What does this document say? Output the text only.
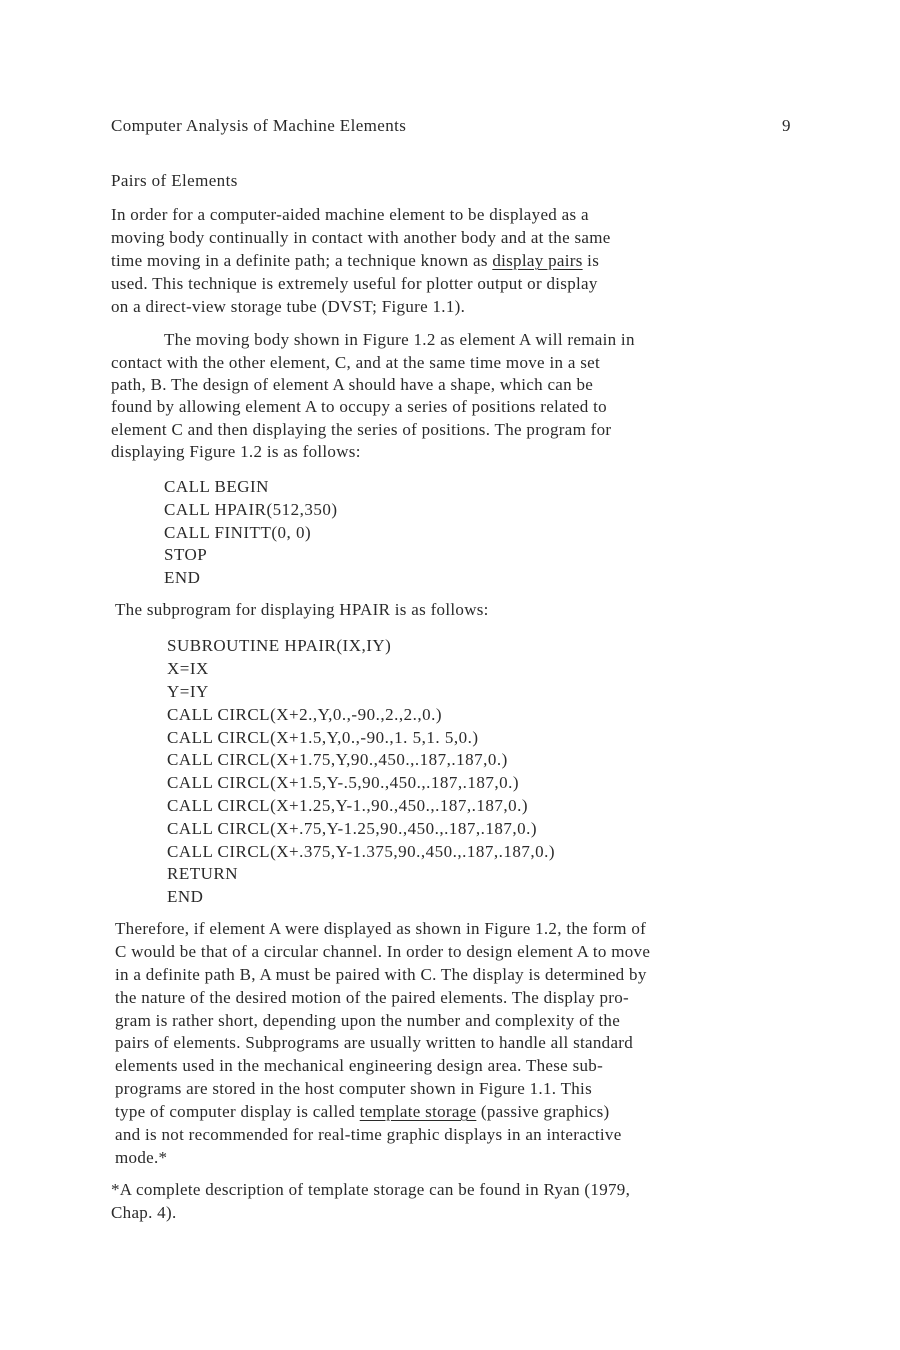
Computer Analysis of Machine Elements	9
Pairs of Elements
In order for a computer-aided machine element to be displayed as a
moving body continually in contact with another body and at the same
time moving in a definite path; a technique known as display pairs is
used. This technique is extremely useful for plotter output or display
on a direct-view storage tube (DVST; Figure 1.1).
The moving body shown in Figure 1.2 as element A will remain in
contact with the other element, C, and at the same time move in a set
path, B. The design of element A should have a shape, which can be
found by allowing element A to occupy a series of positions related to
element C and then displaying the series of positions. The program for
displaying Figure 1.2 is as follows:
CALL BEGIN
CALL HPAIR(512,350)
CALL FINITT(0, 0)
STOP
END
The subprogram for displaying HPAIR is as follows:
SUBROUTINE HPAIR(IX,IY)
X=IX
Y=IY
CALL CIRCL(X+2.,Y,0.,-90.,2.,2.,0.)
CALL CIRCL(X+1.5,Y,0.,-90.,1. 5,1. 5,0.)
CALL CIRCL(X+1.75,Y,90.,450.,.187,.187,0.)
CALL CIRCL(X+1.5,Y-.5,90.,450.,.187,.187,0.)
CALL CIRCL(X+1.25,Y-1.,90.,450.,.187,.187,0.)
CALL CIRCL(X+.75,Y-1.25,90.,450.,.187,.187,0.)
CALL CIRCL(X+.375,Y-1.375,90.,450.,.187,.187,0.)
RETURN
END
Therefore, if element A were displayed as shown in Figure 1.2, the form of
C would be that of a circular channel. In order to design element A to move
in a definite path B, A must be paired with C. The display is determined by
the nature of the desired motion of the paired elements. The display pro-
gram is rather short, depending upon the number and complexity of the
pairs of elements. Subprograms are usually written to handle all standard
elements used in the mechanical engineering design area. These sub-
programs are stored in the host computer shown in Figure 1.1. This
type of computer display is called template storage (passive graphics)
and is not recommended for real-time graphic displays in an interactive
mode.*
*A complete description of template storage can be found in Ryan (1979,
Chap. 4).
